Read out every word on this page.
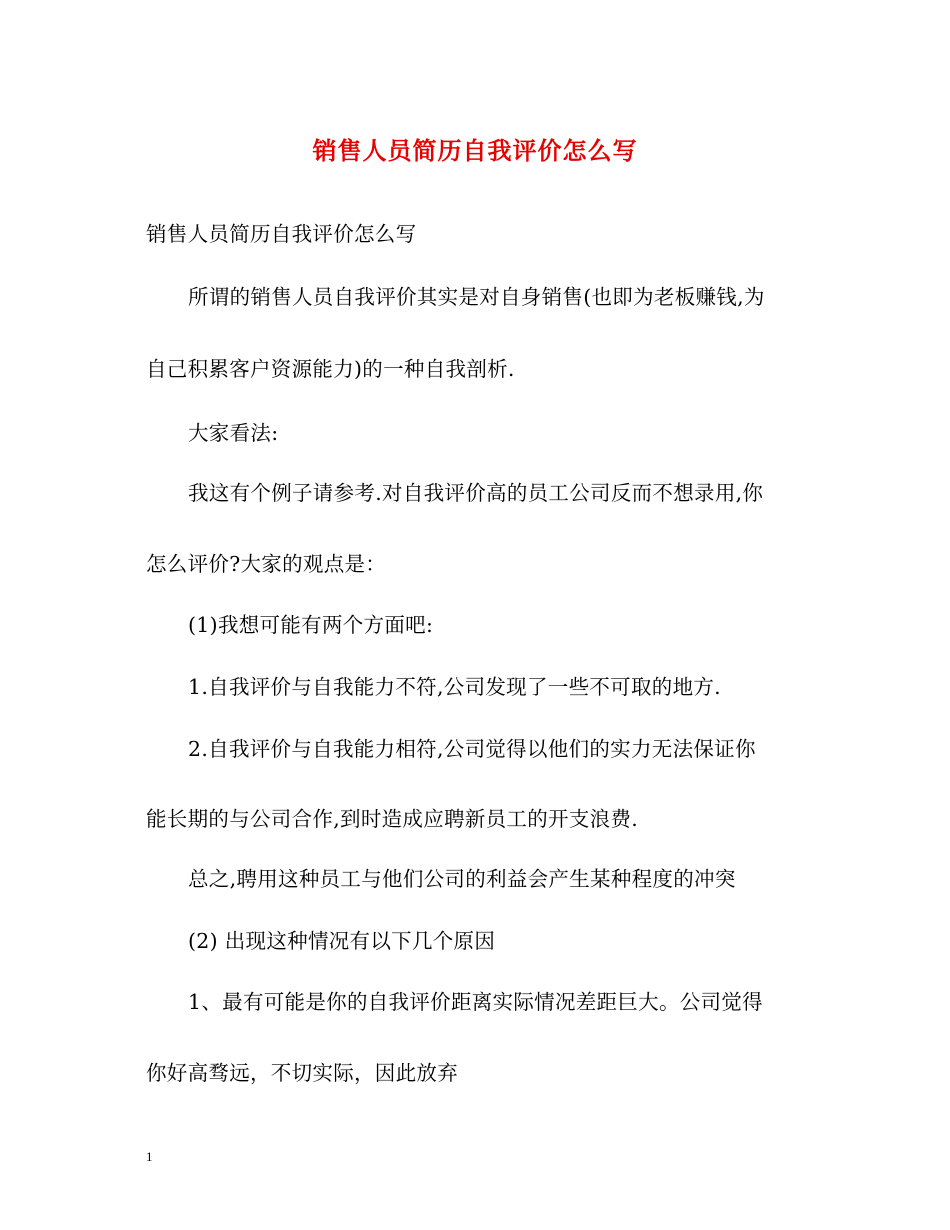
销售人员简历自我评价怎么写
销售人员简历自我评价怎么写
所谓的销售人员自我评价其实是对自身销售(也即为老板赚钱,为
自己积累客户资源能力)的一种自我剖析.
大家看法:
我这有个例子请参考.对自我评价高的员工公司反而不想录用,你
怎么评价?大家的观点是：
(1)我想可能有两个方面吧:
1.自我评价与自我能力不符,公司发现了一些不可取的地方.
2.自我评价与自我能力相符,公司觉得以他们的实力无法保证你
能长期的与公司合作,到时造成应聘新员工的开支浪费.
总之,聘用这种员工与他们公司的利益会产生某种程度的冲突
(2) 出现这种情况有以下几个原因
1、最有可能是你的自我评价距离实际情况差距巨大。公司觉得
你好高骛远，不切实际，因此放弃
1
